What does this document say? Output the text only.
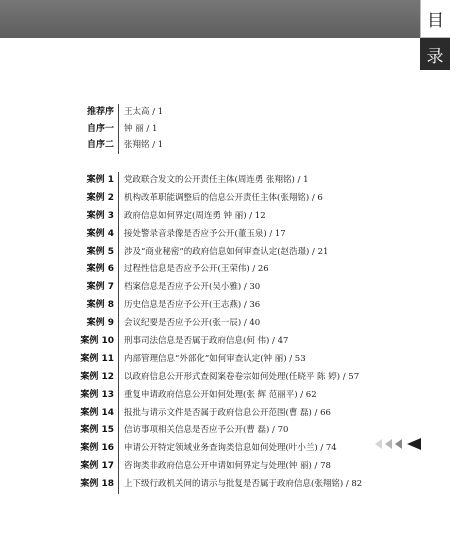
目
录
推荐序 王太高 / 1
自序一 钟 丽 / 1
自序二 张翔铭 / 1
案例 1 党政联合发文的公开责任主体(周连勇 张翔铭) / 1
案例 2 机构改革职能调整后的信息公开责任主体(张翔铭) / 6
案例 3 政府信息如何界定(周连勇 钟 丽) / 12
案例 4 接处警录音录像是否应予公开(董玉泉) / 17
案例 5 涉及“商业秘密”的政府信息如何审查认定(赵浩璟) / 21
案例 6 过程性信息是否应予公开(王荣伟) / 26
案例 7 档案信息是否应予公开(吴小雅) / 30
案例 8 历史信息是否应予公开(王志燕) / 36
案例 9 会议纪要是否应予公开(张一辰) / 40
案例 10 刑事司法信息是否属于政府信息(何 伟) / 47
案例 11 内部管理信息“外部化”如何审查认定(钟 丽) / 53
案例 12 以政府信息公开形式查阅案卷卷宗如何处理(任晓平 陈 婷) / 57
案例 13 重复申请政府信息公开如何处理(张 辉 范丽平) / 62
案例 14 报批与请示文件是否属于政府信息公开范围(曹 磊) / 66
案例 15 信访事项相关信息是否应予公开(曹 磊) / 70
案例 16 申请公开特定领域业务查询类信息如何处理(叶小兰) / 74
案例 17 咨询类非政府信息公开申请如何界定与处理(钟 丽) / 78
案例 18 上下级行政机关间的请示与批复是否属于政府信息(张翔铭) / 82
